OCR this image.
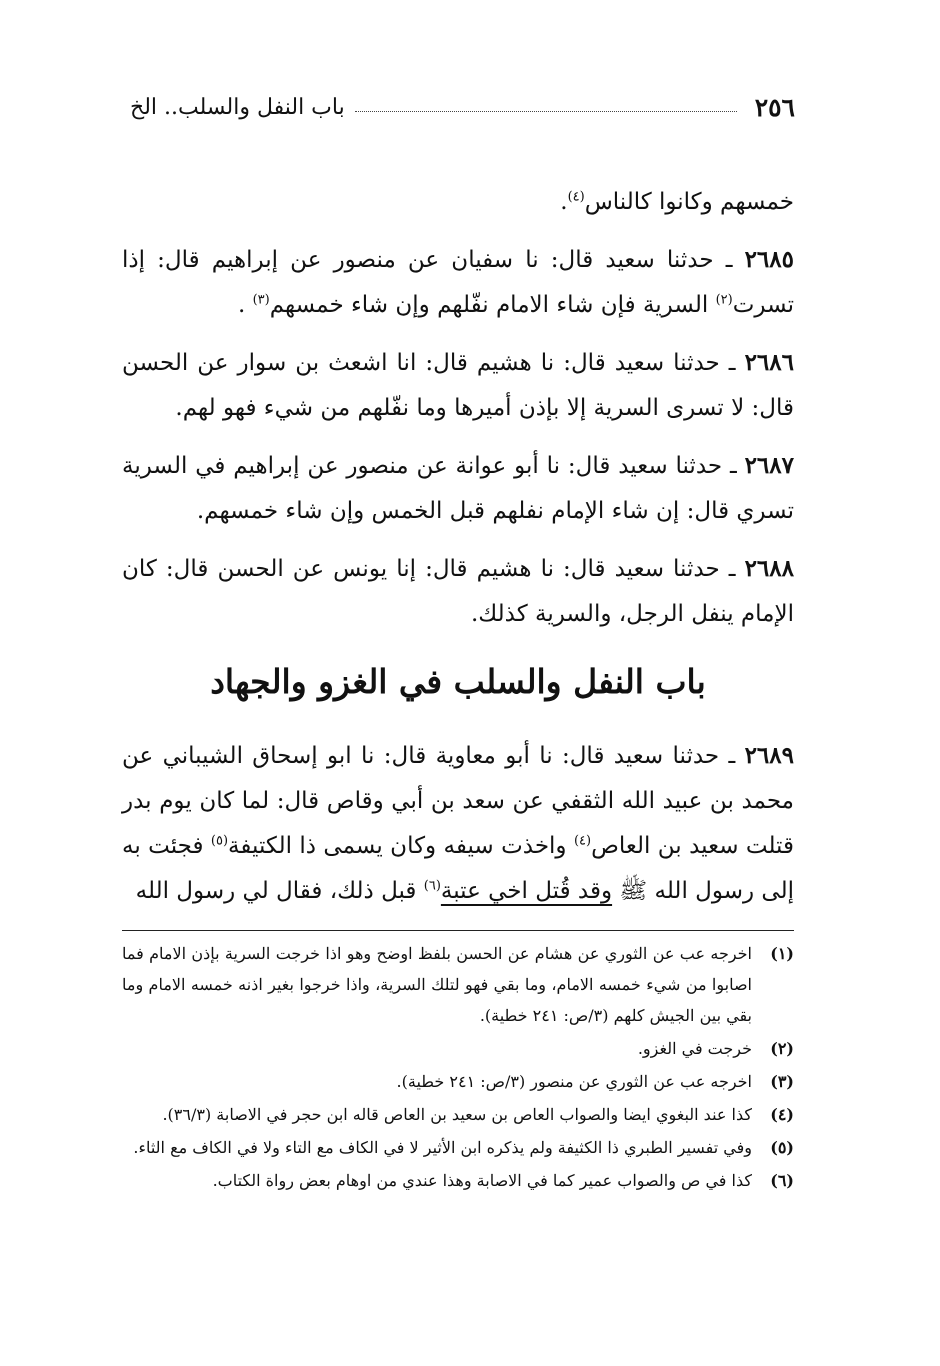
٢٥٦
باب النفل والسلب.. الخ

خمسهم وكانوا كالناس$^{(٤)}$.

٢٦٨٥ ـ حدثنا سعيد قال: نا سفيان عن منصور عن إبراهيم قال: إذا تسرت$^{(٢)}$ السرية فإن شاء الامام نفّلهم وإن شاء خمسهم$^{(٣)}$ .

٢٦٨٦ ـ حدثنا سعيد قال: نا هشيم قال: انا اشعث بن سوار عن الحسن قال: لا تسرى السرية إلا بإذن أميرها وما نفّلهم من شيء فهو لهم.

٢٦٨٧ ـ حدثنا سعيد قال: نا أبو عوانة عن منصور عن إبراهيم في السرية تسري قال: إن شاء الإمام نفلهم قبل الخمس وإن شاء خمسهم.

٢٦٨٨ ـ حدثنا سعيد قال: نا هشيم قال: إنا يونس عن الحسن قال: كان الإمام ينفل الرجل، والسرية كذلك.

باب النفل والسلب في الغزو والجهاد

٢٦٨٩ ـ حدثنا سعيد قال: نا أبو معاوية قال: نا ابو إسحاق الشيباني عن محمد بن عبيد الله الثقفي عن سعد بن أبي وقاص قال: لما كان يوم بدر قتلت سعيد بن العاص$^{(٤)}$ واخذت سيفه وكان يسمى ذا الكتيفة$^{(٥)}$ فجئت به إلى رسول الله ﷺ وقد قُتل اخي عتبة$^{(٦)}$ قبل ذلك، فقال لي رسول الله

(١)
اخرجه عب عن الثوري عن هشام عن الحسن بلفظ اوضح وهو اذا خرجت السرية بإذن الامام فما اصابوا من شيء خمسه الامام، وما بقي فهو لتلك السرية، واذا خرجوا بغير اذنه خمسه الامام وما بقي بين الجيش كلهم (٣/ص: ٢٤١ خطية).
(٢)
خرجت في الغزو.
(٣)
اخرجه عب عن الثوري عن منصور (٣/ص: ٢٤١ خطية).
(٤)
كذا عند البغوي ايضا والصواب العاص بن سعيد بن العاص قاله ابن حجر في الاصابة (٣٦/٣).
(٥)
وفي تفسير الطبري ذا الكثيفة ولم يذكره ابن الأثير لا في الكاف مع التاء ولا في الكاف مع الثاء.
(٦)
كذا في ص والصواب عمير كما في الاصابة وهذا عندي من اوهام بعض رواة الكتاب.
